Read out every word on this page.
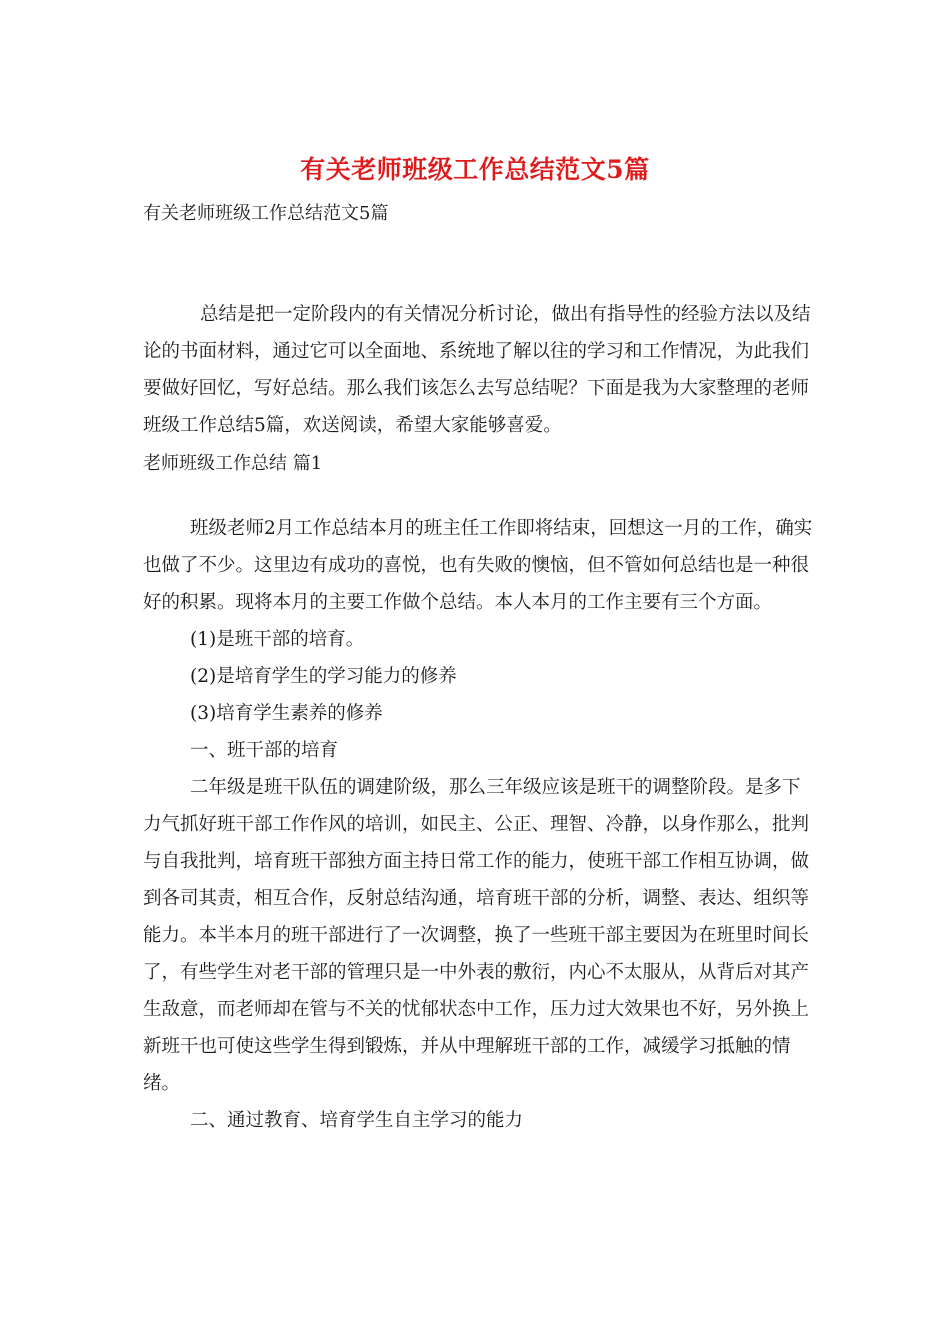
有关老师班级工作总结范文5篇
有关老师班级工作总结范文5篇

总结是把一定阶段内的有关情况分析讨论，做出有指导性的经验方法以及结论的书面材料，通过它可以全面地、系统地了解以往的学习和工作情况，为此我们要做好回忆，写好总结。那么我们该怎么去写总结呢？下面是我为大家整理的老师班级工作总结5篇，欢送阅读，希望大家能够喜爱。

老师班级工作总结 篇1

班级老师2月工作总结本月的班主任工作即将结束，回想这一月的工作，确实也做了不少。这里边有成功的喜悦，也有失败的懊恼，但不管如何总结也是一种很好的积累。现将本月的主要工作做个总结。本人本月的工作主要有三个方面。

(1)是班干部的培育。

(2)是培育学生的学习能力的修养

(3)培育学生素养的修养

一、班干部的培育

二年级是班干队伍的调建阶级，那么三年级应该是班干的调整阶段。是多下力气抓好班干部工作作风的培训，如民主、公正、理智、冷静，以身作那么，批判与自我批判，培育班干部独方面主持日常工作的能力，使班干部工作相互协调，做到各司其责，相互合作，反射总结沟通，培育班干部的分析，调整、表达、组织等能力。本半本月的班干部进行了一次调整，换了一些班干部主要因为在班里时间长了，有些学生对老干部的管理只是一中外表的敷衍，内心不太服从，从背后对其产生敌意，而老师却在管与不关的忧郁状态中工作，压力过大效果也不好，另外换上新班干也可使这些学生得到锻炼，并从中理解班干部的工作，减缓学习抵触的情绪。

二、通过教育、培育学生自主学习的能力
